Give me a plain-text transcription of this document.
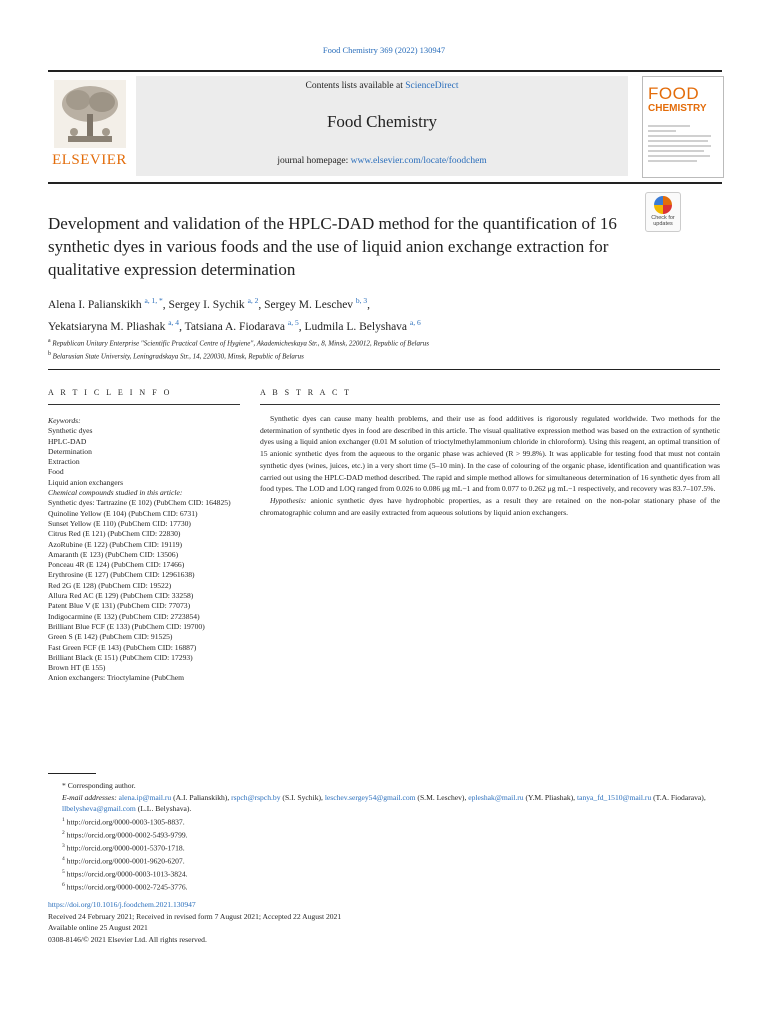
Food Chemistry 369 (2022) 130947
ELSEVIER
Contents lists available at ScienceDirect
Food Chemistry
journal homepage: www.elsevier.com/locate/foodchem
FOOD
CHEMISTRY
Check for updates
Development and validation of the HPLC-DAD method for the quantification of 16 synthetic dyes in various foods and the use of liquid anion exchange extraction for qualitative expression determination
Alena I. Palianskikh $^{a, 1, *}$, Sergey I. Sychik $^{a, 2}$, Sergey M. Leschev $^{b, 3}$,
Yekatsiaryna M. Pliashak $^{a, 4}$, Tatsiana A. Fiodarava $^{a, 5}$, Ludmila L. Belyshava $^{a, 6}$
$^a$ Republican Unitary Enterprise "Scientific Practical Centre of Hygiene", Akademicheskaya Str., 8, Minsk, 220012, Republic of Belarus
$^b$ Belarusian State University, Leningradskaya Str., 14, 220030, Minsk, Republic of Belarus
A R T I C L E I N F O	A B S T R A C T
Keywords:
Synthetic dyes
HPLC-DAD
Determination
Extraction
Food
Liquid anion exchangers
Chemical compounds studied in this article:
Synthetic dyes: Tartrazine (E 102) (PubChem CID: 164825)
Quinoline Yellow (E 104) (PubChem CID: 6731)
Sunset Yellow (E 110) (PubChem CID: 17730)
Citrus Red (E 121) (PubChem CID: 22830)
AzoRubine (E 122) (PubChem CID: 19119)
Amaranth (E 123) (PubChem CID: 13506)
Ponceau 4R (E 124) (PubChem CID: 17466)
Erythrosine (E 127) (PubChem CID: 12961638)
Red 2G (E 128) (PubChem CID: 19522)
Allura Red AC (E 129) (PubChem CID: 33258)
Patent Blue V (E 131) (PubChem CID: 77073)
Indigocarmine (E 132) (PubChem CID: 2723854)
Brilliant Blue FCF (E 133) (PubChem CID: 19700)
Green S (E 142) (PubChem CID: 91525)
Fast Green FCF (E 143) (PubChem CID: 16887)
Brilliant Black (E 151) (PubChem CID: 17293)
Brown HT (E 155)
Anion exchangers: Trioctylamine (PubChem

Synthetic dyes can cause many health problems, and their use as food additives is rigorously regulated worldwide. Two methods for the determination of synthetic dyes in food are described in this article. The visual qualitative expression method was based on the extraction of synthetic dyes using a liquid anion exchanger (0.01 M solution of trioctylmethylammonium chloride in chloroform). Using this reagent, an optimal transition of 15 anionic synthetic dyes from the aqueous to the organic phase was achieved (R > 99.8%). It was applicable for testing food that must not contain synthetic dyes (wines, juices, etc.) in a very short time (5–10 min). In the case of colouring of the organic phase, identification and quantification was carried out using the HPLC-DAD method described. The rapid and simple method allows for simultaneous determination of 16 synthetic dyes from all food types. The LOD and LOQ ranged from 0.026 to 0.086 μg mL−1 and from 0.077 to 0.262 μg mL−1 respectively, and recovery was 83.7–107.5%.

Hypothesis: anionic synthetic dyes have hydrophobic properties, as a result they are retained on the non-polar stationary phase of the chromatographic column and are easily extracted from aqueous solutions by liquid anion exchangers.

* Corresponding author.
E-mail addresses: alena.ip@mail.ru (A.I. Palianskikh), rspch@rspch.by (S.I. Sychik), leschev.sergey54@gmail.com (S.M. Leschev), epleshak@mail.ru (Y.M. Pliashak), tanya_fd_1510@mail.ru (T.A. Fiodarava), llbelysheva@gmail.com (L.L. Belyshava).
$^1$ http://orcid.org/0000-0003-1305-8837.
$^2$ https://orcid.org/0000-0002-5493-9799.
$^3$ http://orcid.org/0000-0001-5370-1718.
$^4$ http://orcid.org/0000-0001-9620-6207.
$^5$ https://orcid.org/0000-0003-1013-3824.
$^6$ https://orcid.org/0000-0002-7245-3776.
https://doi.org/10.1016/j.foodchem.2021.130947
Received 24 February 2021; Received in revised form 7 August 2021; Accepted 22 August 2021
Available online 25 August 2021
0308-8146/© 2021 Elsevier Ltd. All rights reserved.
